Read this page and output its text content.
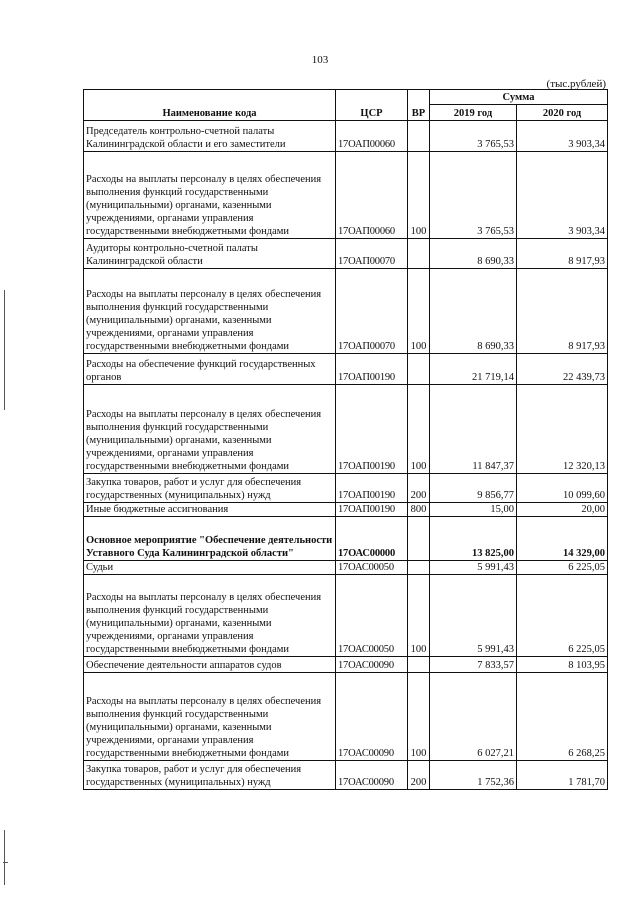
103
(тыс.рублей)
Наименование кода	ЦСР	ВР	Сумма	
			2019 год	2020 год
Председатель контрольно-счетной палаты Калининградской области и его заместители	17ОАП00060		3 765,53	3 903,34
Расходы на выплаты персоналу в целях обеспечения выполнения функций государственными (муниципальными) органами, казенными учреждениями, органами управления государственными внебюджетными фондами	17ОАП00060	100	3 765,53	3 903,34
Аудиторы контрольно-счетной палаты Калининградской области	17ОАП00070		8 690,33	8 917,93
Расходы на выплаты персоналу в целях обеспечения выполнения функций государственными (муниципальными) органами, казенными учреждениями, органами управления государственными внебюджетными фондами	17ОАП00070	100	8 690,33	8 917,93
Расходы на обеспечение функций государственных органов	17ОАП00190		21 719,14	22 439,73
Расходы на выплаты персоналу в целях обеспечения выполнения функций государственными (муниципальными) органами, казенными учреждениями, органами управления государственными внебюджетными фондами	17ОАП00190	100	11 847,37	12 320,13
Закупка товаров, работ и услуг для обеспечения государственных (муниципальных) нужд	17ОАП00190	200	9 856,77	10 099,60
Иные бюджетные ассигнования	17ОАП00190	800	15,00	20,00
Основное мероприятие "Обеспечение деятельности Уставного Суда Калининградской области"	17ОАС00000		13 825,00	14 329,00
Судьи	17ОАС00050		5 991,43	6 225,05
Расходы на выплаты персоналу в целях обеспечения выполнения функций государственными (муниципальными) органами, казенными учреждениями, органами управления государственными внебюджетными фондами	17ОАС00050	100	5 991,43	6 225,05
Обеспечение деятельности аппаратов судов	17ОАС00090		7 833,57	8 103,95
Расходы на выплаты персоналу в целях обеспечения выполнения функций государственными (муниципальными) органами, казенными учреждениями, органами управления государственными внебюджетными фондами	17ОАС00090	100	6 027,21	6 268,25
Закупка товаров, работ и услуг для обеспечения государственных (муниципальных) нужд	17ОАС00090	200	1 752,36	1 781,70
